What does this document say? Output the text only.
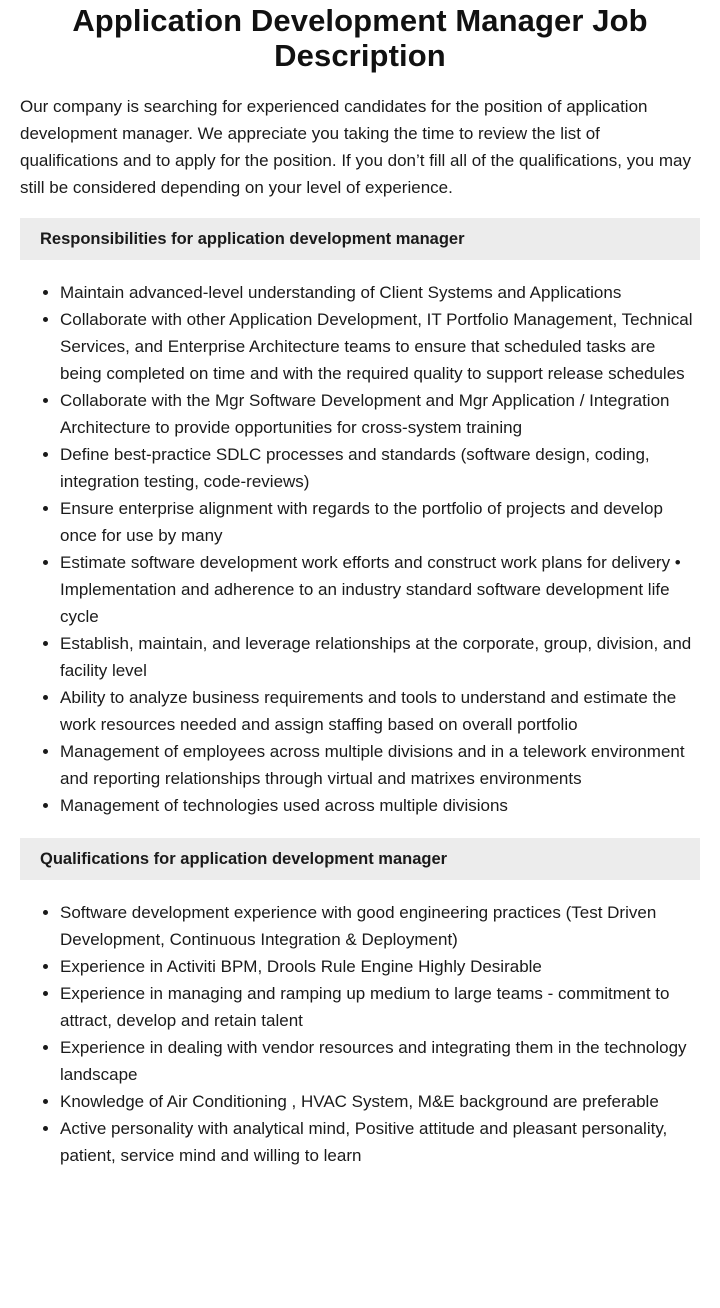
Application Development Manager Job Description

Our company is searching for experienced candidates for the position of application development manager. We appreciate you taking the time to review the list of qualifications and to apply for the position. If you don’t fill all of the qualifications, you may still be considered depending on your level of experience.

Responsibilities for application development manager
• Maintain advanced-level understanding of Client Systems and Applications
• Collaborate with other Application Development, IT Portfolio Management, Technical Services, and Enterprise Architecture teams to ensure that scheduled tasks are being completed on time and with the required quality to support release schedules
• Collaborate with the Mgr Software Development and Mgr Application / Integration Architecture to provide opportunities for cross-system training
• Define best-practice SDLC processes and standards (software design, coding, integration testing, code-reviews)
• Ensure enterprise alignment with regards to the portfolio of projects and develop once for use by many
• Estimate software development work efforts and construct work plans for delivery • Implementation and adherence to an industry standard software development life cycle
• Establish, maintain, and leverage relationships at the corporate, group, division, and facility level
• Ability to analyze business requirements and tools to understand and estimate the work resources needed and assign staffing based on overall portfolio
• Management of employees across multiple divisions and in a telework environment and reporting relationships through virtual and matrixes environments
• Management of technologies used across multiple divisions
Qualifications for application development manager
• Software development experience with good engineering practices (Test Driven Development, Continuous Integration & Deployment)
• Experience in Activiti BPM, Drools Rule Engine Highly Desirable
• Experience in managing and ramping up medium to large teams - commitment to attract, develop and retain talent
• Experience in dealing with vendor resources and integrating them in the technology landscape
• Knowledge of Air Conditioning , HVAC System, M&E background are preferable
• Active personality with analytical mind, Positive attitude and pleasant personality, patient, service mind and willing to learn
